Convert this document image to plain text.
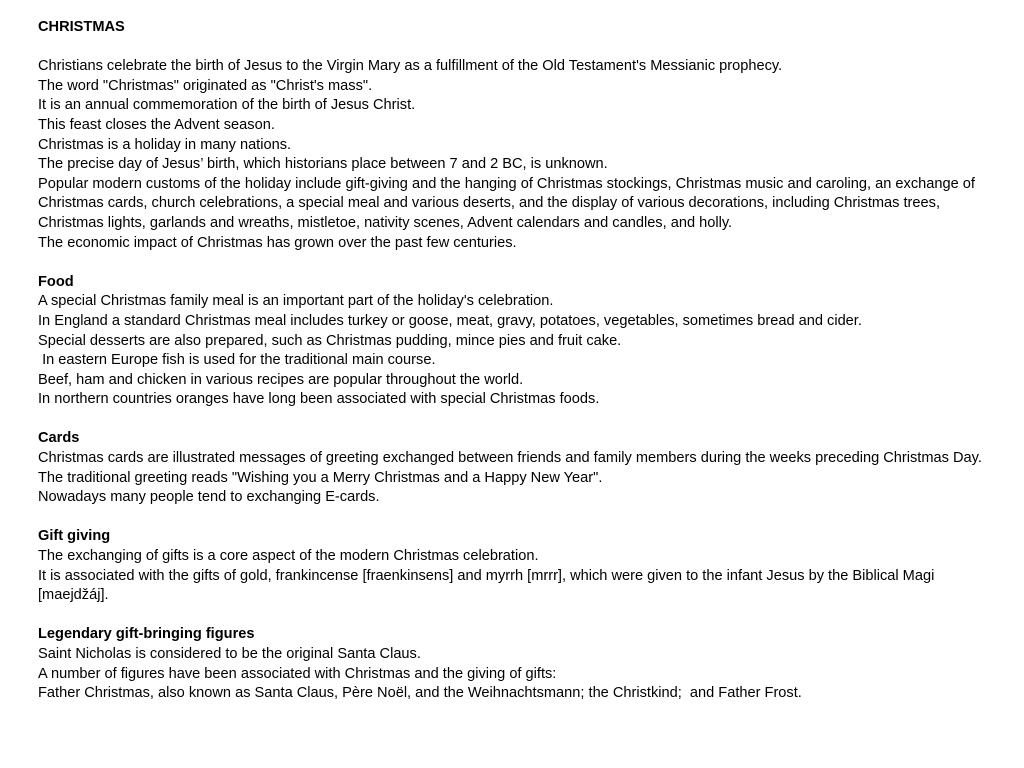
CHRISTMAS
Christians celebrate the birth of Jesus to the Virgin Mary as a fulfillment of the Old Testament's Messianic prophecy.
The word "Christmas" originated as "Christ's mass".
It is an annual commemoration of the birth of Jesus Christ.
This feast closes the Advent season.
Christmas is a holiday in many nations.
The precise day of Jesus’ birth, which historians place between 7 and 2 BC, is unknown.
Popular modern customs of the holiday include gift-giving and the hanging of Christmas stockings, Christmas music and caroling, an exchange of Christmas cards, church celebrations, a special meal and various deserts, and the display of various decorations, including Christmas trees, Christmas lights, garlands and wreaths, mistletoe, nativity scenes, Advent calendars and candles, and holly.
The economic impact of Christmas has grown over the past few centuries.
Food
A special Christmas family meal is an important part of the holiday's celebration.
In England a standard Christmas meal includes turkey or goose, meat, gravy, potatoes, vegetables, sometimes bread and cider.
Special desserts are also prepared, such as Christmas pudding, mince pies and fruit cake.
In eastern Europe fish is used for the traditional main course.
Beef, ham and chicken in various recipes are popular throughout the world.
In northern countries oranges have long been associated with special Christmas foods.
Cards
Christmas cards are illustrated messages of greeting exchanged between friends and family members during the weeks preceding Christmas Day.
The traditional greeting reads "Wishing you a Merry Christmas and a Happy New Year".
Nowadays many people tend to exchanging E-cards.
Gift giving
The exchanging of gifts is a core aspect of the modern Christmas celebration.
It is associated with the gifts of gold, frankincense [fraenkinsens] and myrrh [mrrr], which were given to the infant Jesus by the Biblical Magi [maejdžáj].
Legendary gift-bringing figures
Saint Nicholas is considered to be the original Santa Claus.
A number of figures have been associated with Christmas and the giving of gifts:
Father Christmas, also known as Santa Claus, Père Noël, and the Weihnachtsmann; the Christkind;  and Father Frost.
